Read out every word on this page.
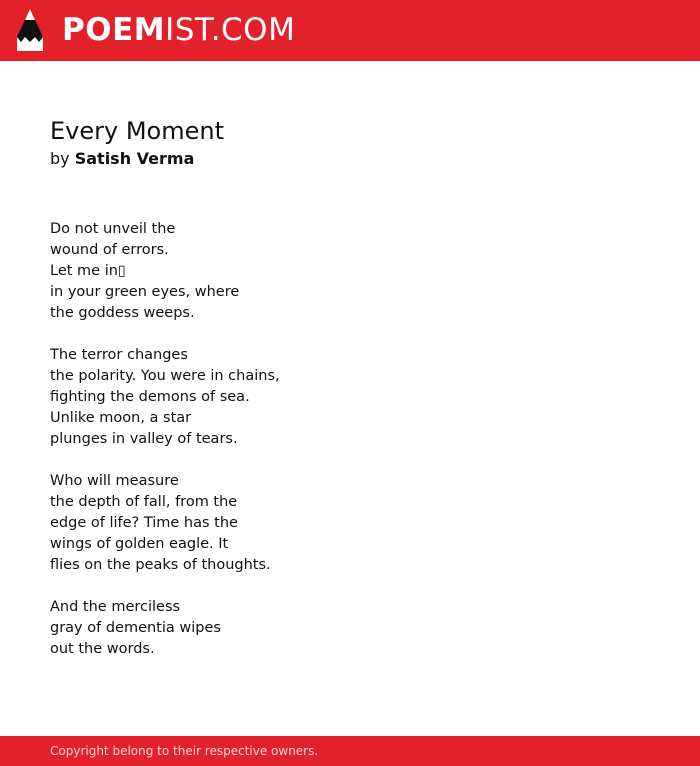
POEMIST.COM
Every Moment
by Satish Verma
Do not unveil the
wound of errors.
Let me in▯
in your green eyes, where
the goddess weeps.
The terror changes
the polarity. You were in chains,
fighting the demons of sea.
Unlike moon, a star
plunges in valley of tears.
Who will measure
the depth of fall, from the
edge of life? Time has the
wings of golden eagle. It
flies on the peaks of thoughts.
And the merciless
gray of dementia wipes
out the words.
Copyright belong to their respective owners.
